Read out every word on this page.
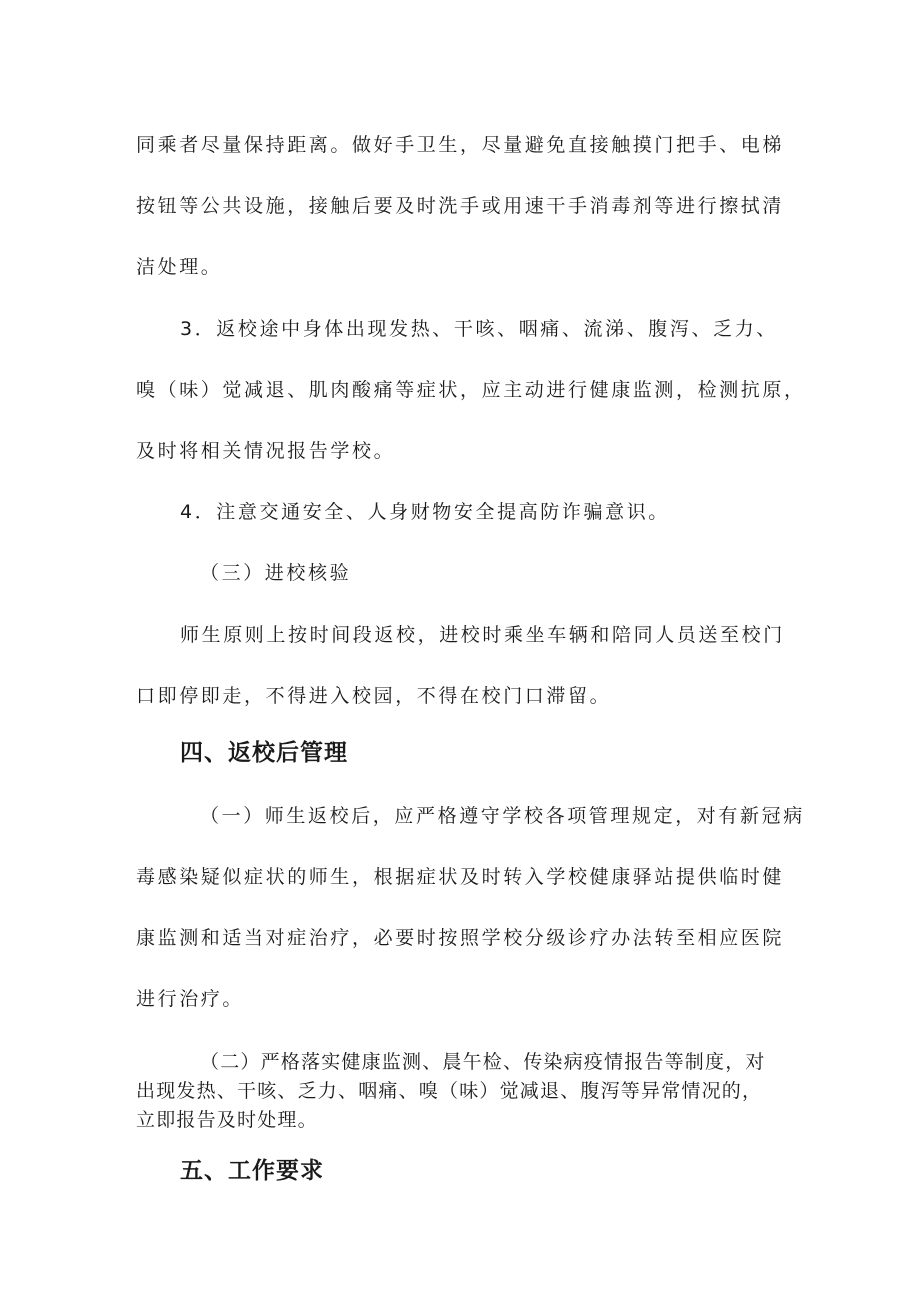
同乘者尽量保持距离。做好手卫生，尽量避免直接触摸门把手、电梯
按钮等公共设施，接触后要及时洗手或用速干手消毒剂等进行擦拭清
洁处理。
3．返校途中身体出现发热、干咳、咽痛、流涕、腹泻、乏力、
嗅（味）觉减退、肌肉酸痛等症状，应主动进行健康监测，检测抗原，
及时将相关情况报告学校。
4．注意交通安全、人身财物安全提高防诈骗意识。
（三）进校核验
师生原则上按时间段返校，进校时乘坐车辆和陪同人员送至校门
口即停即走，不得进入校园，不得在校门口滞留。
四、返校后管理
（一）师生返校后，应严格遵守学校各项管理规定，对有新冠病
毒感染疑似症状的师生，根据症状及时转入学校健康驿站提供临时健
康监测和适当对症治疗，必要时按照学校分级诊疗办法转至相应医院
进行治疗。
（二）严格落实健康监测、晨午检、传染病疫情报告等制度，对
出现发热、干咳、乏力、咽痛、嗅（味）觉减退、腹泻等异常情况的，
立即报告及时处理。
五、工作要求
